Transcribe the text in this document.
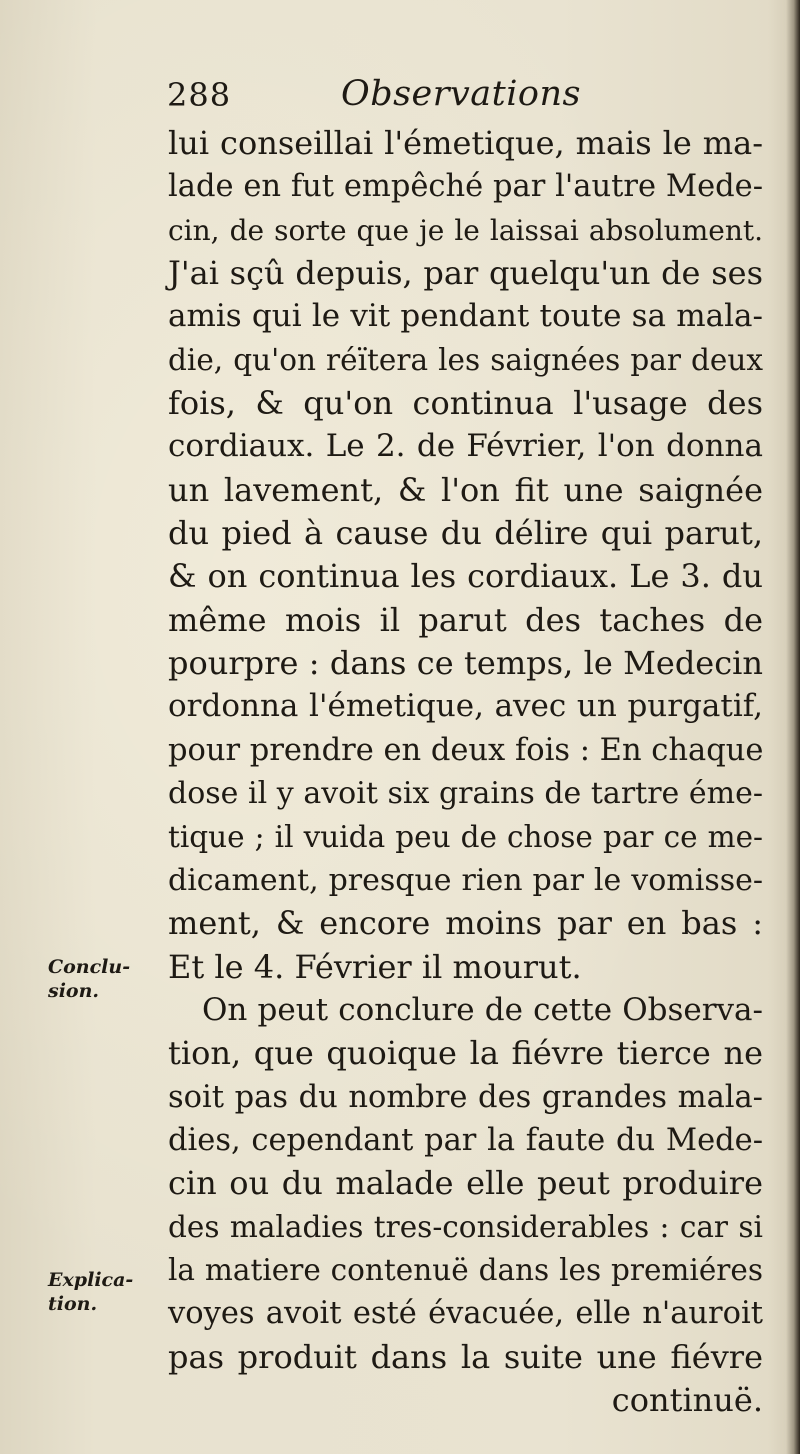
288	Observations
Conclu-
sion.
Explica-
tion.
lui conseillai l'émetique, mais le ma-
lade en fut empêché par l'autre Mede-
cin, de sorte que je le laissai absolument.
J'ai sçû depuis, par quelqu'un de ses
amis qui le vit pendant toute sa mala-
die, qu'on réïtera les saignées par deux
fois, & qu'on continua l'usage des
cordiaux. Le 2. de Février, l'on donna
un lavement, & l'on fit une saignée
du pied à cause du délire qui parut,
& on continua les cordiaux. Le 3. du
même mois il parut des taches de
pourpre : dans ce temps, le Medecin
ordonna l'émetique, avec un purgatif,
pour prendre en deux fois : En chaque
dose il y avoit six grains de tartre éme-
tique ; il vuida peu de chose par ce me-
dicament, presque rien par le vomisse-
ment, & encore moins par en bas :
Et le 4. Février il mourut.
On peut conclure de cette Observa-
tion, que quoique la fiévre tierce ne
soit pas du nombre des grandes mala-
dies, cependant par la faute du Mede-
cin ou du malade elle peut produire
des maladies tres-considerables : car si
la matiere contenuë dans les premiéres
voyes avoit esté évacuée, elle n'auroit
pas produit dans la suite une fiévre
continuë.
